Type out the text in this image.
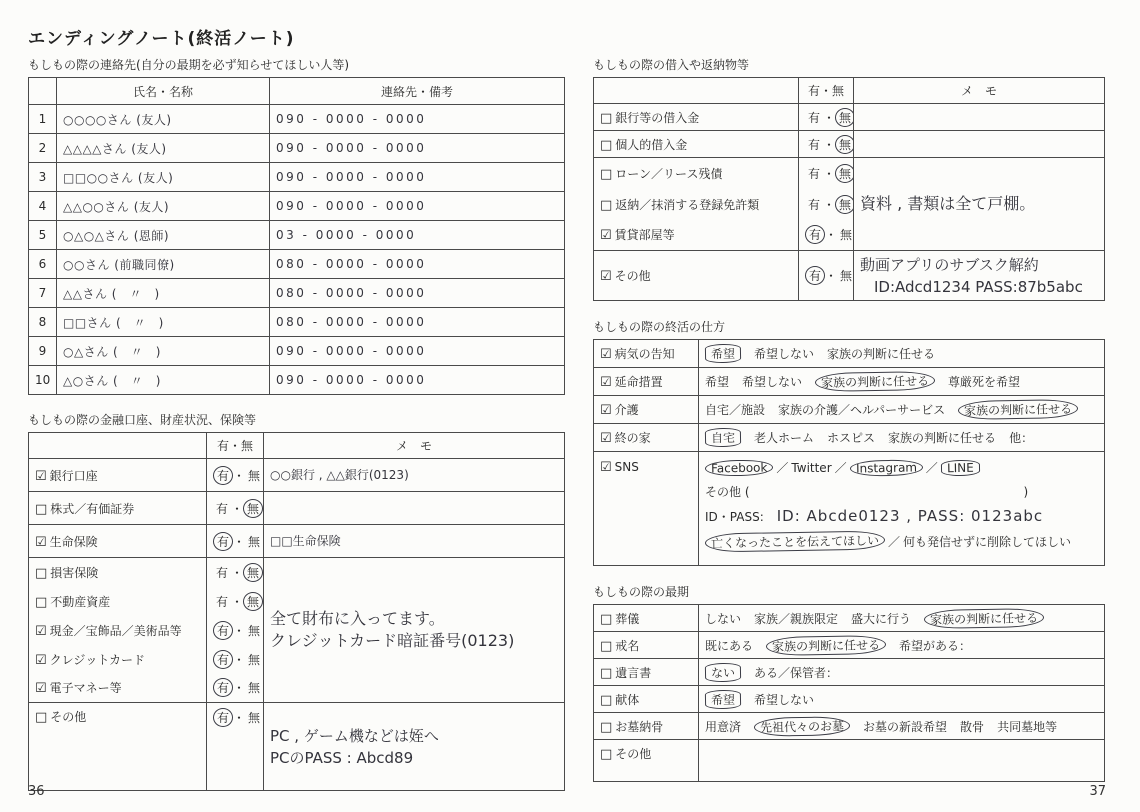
エンディングノート(終活ノート)
もしもの際の連絡先(自分の最期を必ず知らせてほしい人等)
	氏名・名称	連絡先・備考
1	○○○○さん (友人)	090 - 0000 - 0000
2	△△△△さん (友人)	090 - 0000 - 0000
3	□□○○さん (友人)	090 - 0000 - 0000
4	△△○○さん (友人)	090 - 0000 - 0000
5	○△○△さん (恩師)	03 - 0000 - 0000
6	○○さん (前職同僚)	080 - 0000 - 0000
7	△△さん (　〃　)	080 - 0000 - 0000
8	□□さん (　〃　)	080 - 0000 - 0000
9	○△さん (　〃　)	090 - 0000 - 0000
10	△○さん (　〃　)	090 - 0000 - 0000
もしもの際の金融口座、財産状況、保険等
	有・無	メ　モ
☑ 銀行口座	有 ・ 無	○○銀行 , △△銀行(0123)
□ 株式／有価証券	有 ・ 無	
☑ 生命保険	有 ・ 無	□□生命保険
□ 損害保険	有 ・ 無	全て財布に入ってます。
クレジットカード暗証番号(0123)

□ 不動産資産	有 ・ 無	
☑ 現金／宝飾品／美術品等	有 ・ 無	
☑ クレジットカード	有 ・ 無	
☑ 電子マネー等	有 ・ 無	
□ その他	有 ・ 無	PC , ゲーム機などは姪へ
PCのPASS : Abcd89
もしもの際の借入や返納物等
	有・無	メ　モ
□ 銀行等の借入金	有 ・ 無	
□ 個人的借入金	有 ・ 無	
□ ローン／リース残債	有 ・ 無	資料 , 書類は全て戸棚。

□ 返納／抹消する登録免許類	有 ・ 無	
☑ 賃貸部屋等	有 ・ 無	
☑ その他	有 ・ 無	動画アプリのサブスク解約
ID:Adcd1234 PASS:87b5abc
もしもの際の終活の仕方
☑ 病気の告知	希望 希望しない 家族の判断に任せる

☑ 延命措置	希望 希望しない 家族の判断に任せる 尊厳死を希望

☑ 介護	自宅／施設 家族の介護／ヘルパーサービス 家族の判断に任せる

☑ 終の家	自宅 老人ホーム ホスピス 家族の判断に任せる 他：

☑ SNS	Facebook ／ Twitter ／ Instagram ／ LINE
その他 (	)
ID・PASS: ID: Abcde0123 , PASS: 0123abc
亡くなったことを伝えてほしい ／ 何も発信せずに削除してほしい
もしもの際の最期
□ 葬儀	しない 家族／親族限定 盛大に行う 家族の判断に任せる

□ 戒名	既にある 家族の判断に任せる 希望がある：

□ 遺言書	ない ある／保管者：

□ 献体	希望 希望しない

□ お墓納骨	用意済 先祖代々のお墓 お墓の新設希望 散骨 共同墓地等

□ その他	
36	37
